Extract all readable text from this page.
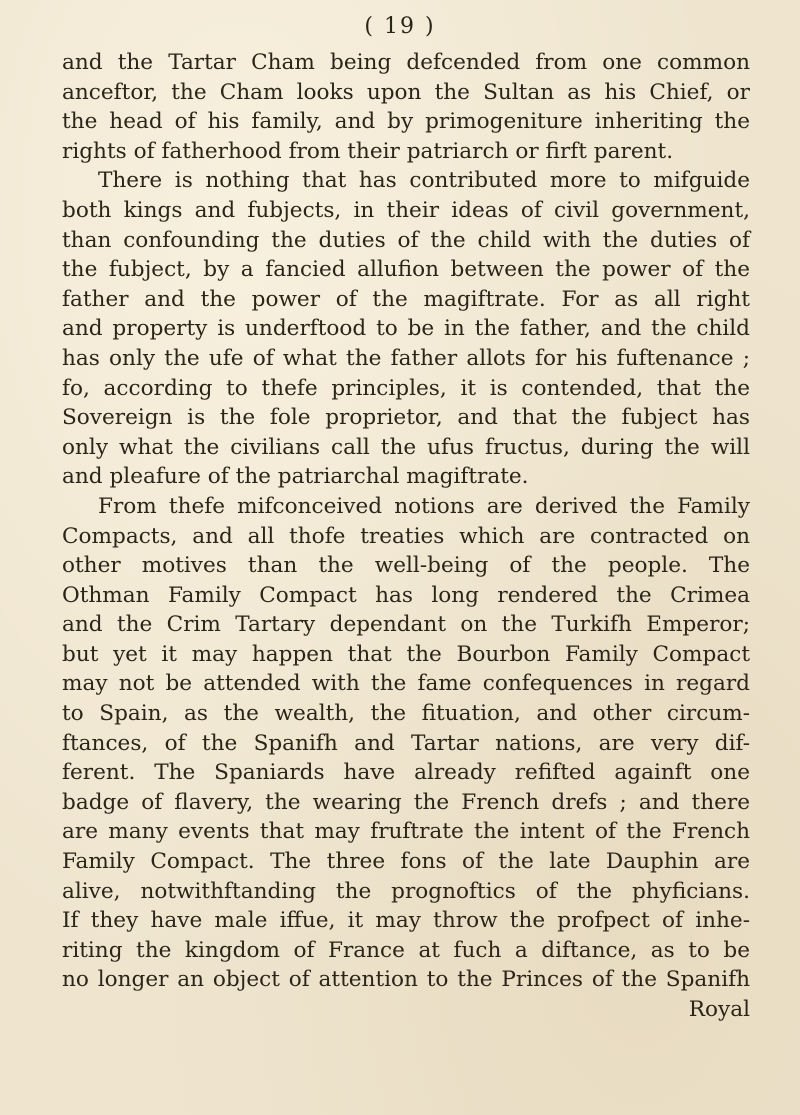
( 19 )
and the Tartar Cham being defcended from one common
anceftor, the Cham looks upon the Sultan as his Chief, or
the head of his family, and by primogeniture inheriting the
rights of fatherhood from their patriarch or firft parent.
There is nothing that has contributed more to mifguide
both kings and fubjects, in their ideas of civil government,
than confounding the duties of the child with the duties of
the fubject, by a fancied allufion between the power of the
father and the power of the magiftrate. For as all right
and property is underftood to be in the father, and the child
has only the ufe of what the father allots for his fuftenance ;
fo, according to thefe principles, it is contended, that the
Sovereign is the fole proprietor, and that the fubject has
only what the civilians call the ufus fructus, during the will
and pleafure of the patriarchal magiftrate.
From thefe mifconceived notions are derived the Family
Compacts, and all thofe treaties which are contracted on
other motives than the well-being of the people. The
Othman Family Compact has long rendered the Crimea
and the Crim Tartary dependant on the Turkifh Emperor;
but yet it may happen that the Bourbon Family Compact
may not be attended with the fame confequences in regard
to Spain, as the wealth, the fituation, and other circum-
ftances, of the Spanifh and Tartar nations, are very dif-
ferent. The Spaniards have already refifted againft one
badge of flavery, the wearing the French drefs ; and there
are many events that may fruftrate the intent of the French
Family Compact. The three fons of the late Dauphin are
alive, notwithftanding the prognoftics of the phyficians.
If they have male iffue, it may throw the profpect of inhe-
riting the kingdom of France at fuch a diftance, as to be
no longer an object of attention to the Princes of the Spanifh
Royal
